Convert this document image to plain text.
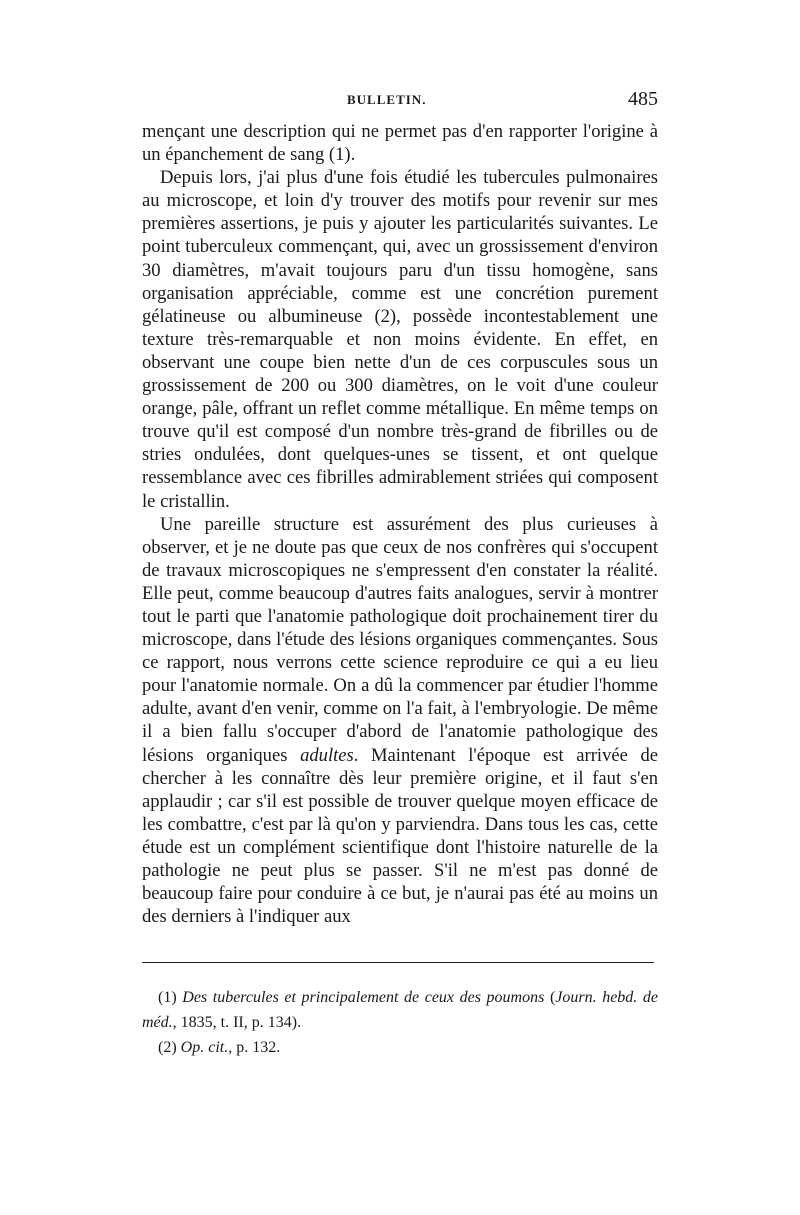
BULLETIN.	485

mençant une description qui ne permet pas d'en rapporter l'origine à un épanchement de sang (1).

Depuis lors, j'ai plus d'une fois étudié les tubercules pulmonaires au microscope, et loin d'y trouver des motifs pour revenir sur mes premières assertions, je puis y ajouter les particularités suivantes. Le point tuberculeux commençant, qui, avec un grossissement d'environ 30 diamètres, m'avait toujours paru d'un tissu homogène, sans organisation appréciable, comme est une concrétion purement gélatineuse ou albumineuse (2), possède incontestablement une texture très-remarquable et non moins évidente. En effet, en observant une coupe bien nette d'un de ces corpuscules sous un grossissement de 200 ou 300 diamètres, on le voit d'une couleur orange, pâle, offrant un reflet comme métallique. En même temps on trouve qu'il est composé d'un nombre très-grand de fibrilles ou de stries ondulées, dont quelques-unes se tissent, et ont quelque ressemblance avec ces fibrilles admirablement striées qui composent le cristallin.

Une pareille structure est assurément des plus curieuses à observer, et je ne doute pas que ceux de nos confrères qui s'occupent de travaux microscopiques ne s'empressent d'en constater la réalité. Elle peut, comme beaucoup d'autres faits analogues, servir à montrer tout le parti que l'anatomie pathologique doit prochainement tirer du microscope, dans l'étude des lésions organiques commençantes. Sous ce rapport, nous verrons cette science reproduire ce qui a eu lieu pour l'anatomie normale. On a dû la commencer par étudier l'homme adulte, avant d'en venir, comme on l'a fait, à l'embryologie. De même il a bien fallu s'occuper d'abord de l'anatomie pathologique des lésions organiques adultes. Maintenant l'époque est arrivée de chercher à les connaître dès leur première origine, et il faut s'en applaudir ; car s'il est possible de trouver quelque moyen efficace de les combattre, c'est par là qu'on y parviendra. Dans tous les cas, cette étude est un complément scientifique dont l'histoire naturelle de la pathologie ne peut plus se passer. S'il ne m'est pas donné de beaucoup faire pour conduire à ce but, je n'aurai pas été au moins un des derniers à l'indiquer aux

(1) Des tubercules et principalement de ceux des poumons (Journ. hebd. de méd., 1835, t. II, p. 134).

(2) Op. cit., p. 132.
